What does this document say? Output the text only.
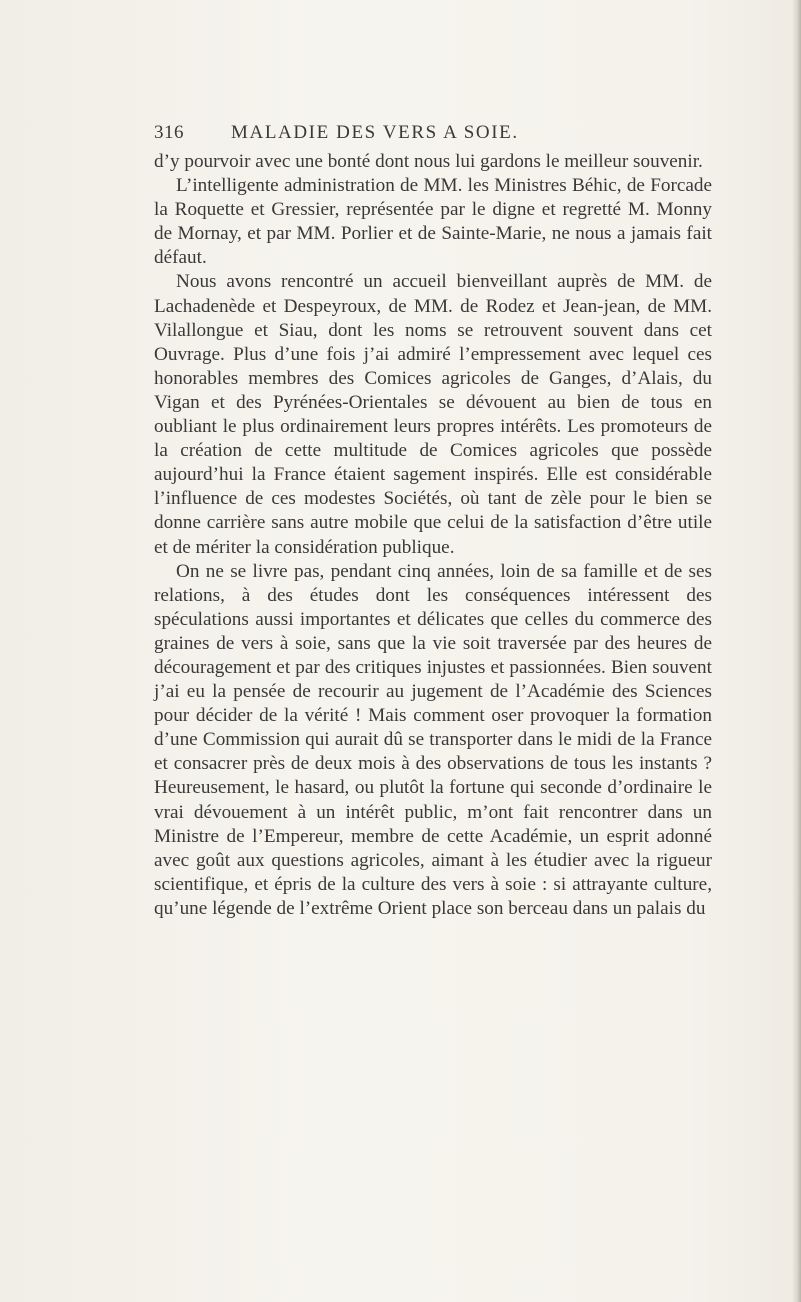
316 MALADIE DES VERS A SOIE.

d’y pourvoir avec une bonté dont nous lui gardons le meilleur souvenir.

L’intelligente administration de MM. les Ministres Béhic, de Forcade la Roquette et Gressier, représentée par le digne et regretté M. Monny de Mornay, et par MM. Porlier et de Sainte-Marie, ne nous a jamais fait défaut.

Nous avons rencontré un accueil bienveillant auprès de MM. de Lachadenède et Despeyroux, de MM. de Rodez et Jean-jean, de MM. Vilallongue et Siau, dont les noms se retrouvent souvent dans cet Ouvrage. Plus d’une fois j’ai admiré l’empressement avec lequel ces honorables membres des Comices agricoles de Ganges, d’Alais, du Vigan et des Pyrénées-Orientales se dévouent au bien de tous en oubliant le plus ordinairement leurs propres intérêts. Les promoteurs de la création de cette multitude de Comices agricoles que possède aujourd’hui la France étaient sagement inspirés. Elle est considérable l’influence de ces modestes Sociétés, où tant de zèle pour le bien se donne carrière sans autre mobile que celui de la satisfaction d’être utile et de mériter la considération publique.

On ne se livre pas, pendant cinq années, loin de sa famille et de ses relations, à des études dont les conséquences intéressent des spéculations aussi importantes et délicates que celles du commerce des graines de vers à soie, sans que la vie soit traversée par des heures de découragement et par des critiques injustes et passionnées. Bien souvent j’ai eu la pensée de recourir au jugement de l’Académie des Sciences pour décider de la vérité ! Mais comment oser provoquer la formation d’une Commission qui aurait dû se transporter dans le midi de la France et consacrer près de deux mois à des observations de tous les instants ? Heureusement, le hasard, ou plutôt la fortune qui seconde d’ordinaire le vrai dévouement à un intérêt public, m’ont fait rencontrer dans un Ministre de l’Empereur, membre de cette Académie, un esprit adonné avec goût aux questions agricoles, aimant à les étudier avec la rigueur scientifique, et épris de la culture des vers à soie : si attrayante culture, qu’une légende de l’extrême Orient place son berceau dans un palais du
